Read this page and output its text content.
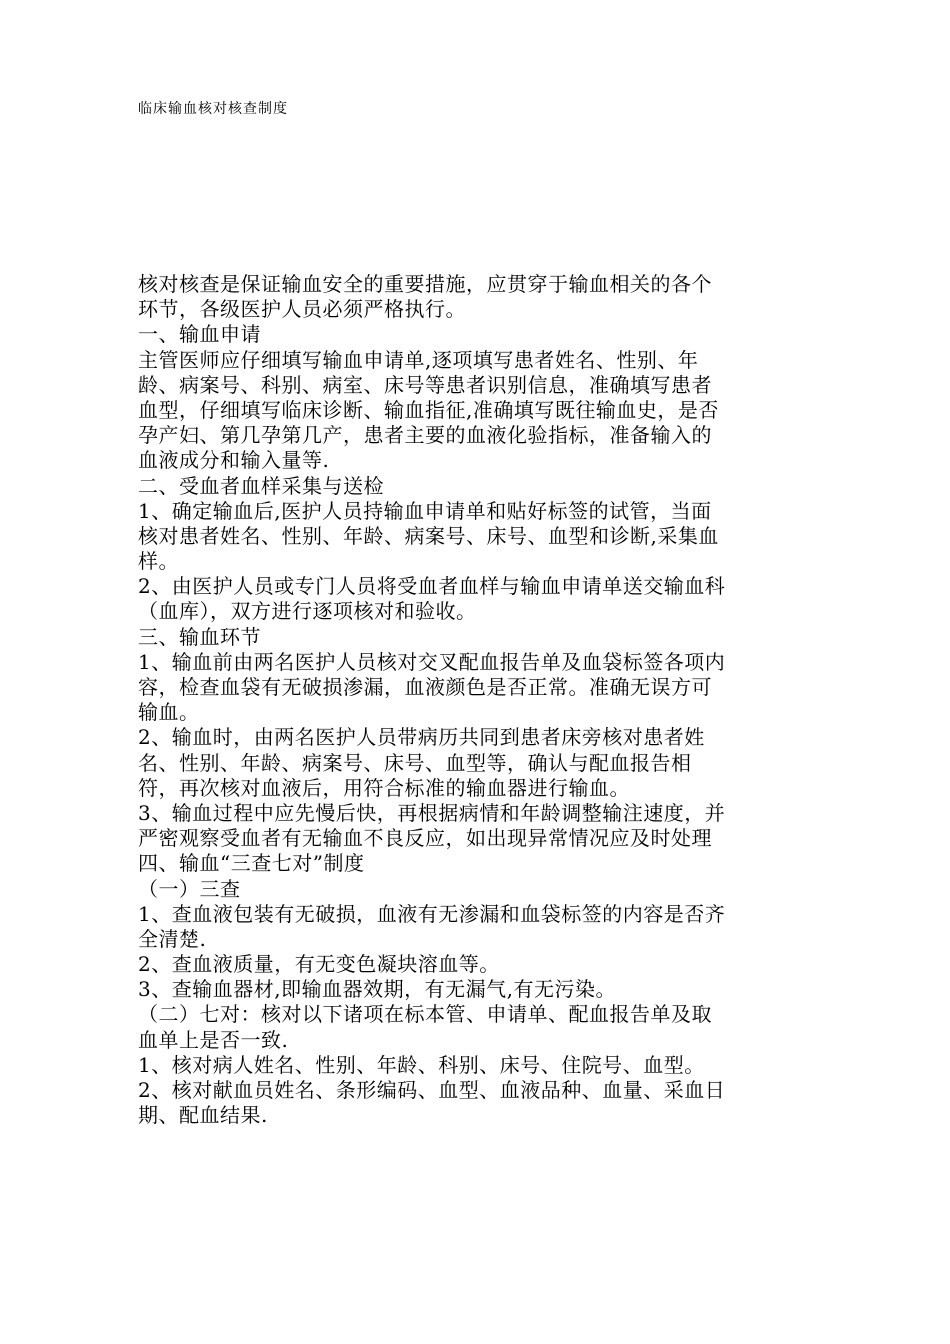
临床输血核对核查制度
核对核查是保证输血安全的重要措施，应贯穿于输血相关的各个
环节，各级医护人员必须严格执行。
一、输血申请
主管医师应仔细填写输血申请单,逐项填写患者姓名、性别、年
龄、病案号、科别、病室、床号等患者识别信息，准确填写患者
血型，仔细填写临床诊断、输血指征,准确填写既往输血史，是否
孕产妇、第几孕第几产，患者主要的血液化验指标，准备输入的
血液成分和输入量等.
二、受血者血样采集与送检
1、确定输血后,医护人员持输血申请单和贴好标签的试管，当面
核对患者姓名、性别、年龄、病案号、床号、血型和诊断,采集血
样。
2、由医护人员或专门人员将受血者血样与输血申请单送交输血科
（血库），双方进行逐项核对和验收。
三、输血环节
1、输血前由两名医护人员核对交叉配血报告单及血袋标签各项内
容，检查血袋有无破损渗漏，血液颜色是否正常。准确无误方可
输血。
2、输血时，由两名医护人员带病历共同到患者床旁核对患者姓
名、性别、年龄、病案号、床号、血型等，确认与配血报告相
符，再次核对血液后，用符合标准的输血器进行输血。
3、输血过程中应先慢后快，再根据病情和年龄调整输注速度，并
严密观察受血者有无输血不良反应，如出现异常情况应及时处理
四、输血“三查七对”制度
（一）三查
1、查血液包装有无破损，血液有无渗漏和血袋标签的内容是否齐
全清楚.
2、查血液质量，有无变色凝块溶血等。
3、查输血器材,即输血器效期，有无漏气,有无污染。
（二）七对：核对以下诸项在标本管、申请单、配血报告单及取
血单上是否一致.
1、核对病人姓名、性别、年龄、科别、床号、住院号、血型。
2、核对献血员姓名、条形编码、血型、血液品种、血量、采血日
期、配血结果.
